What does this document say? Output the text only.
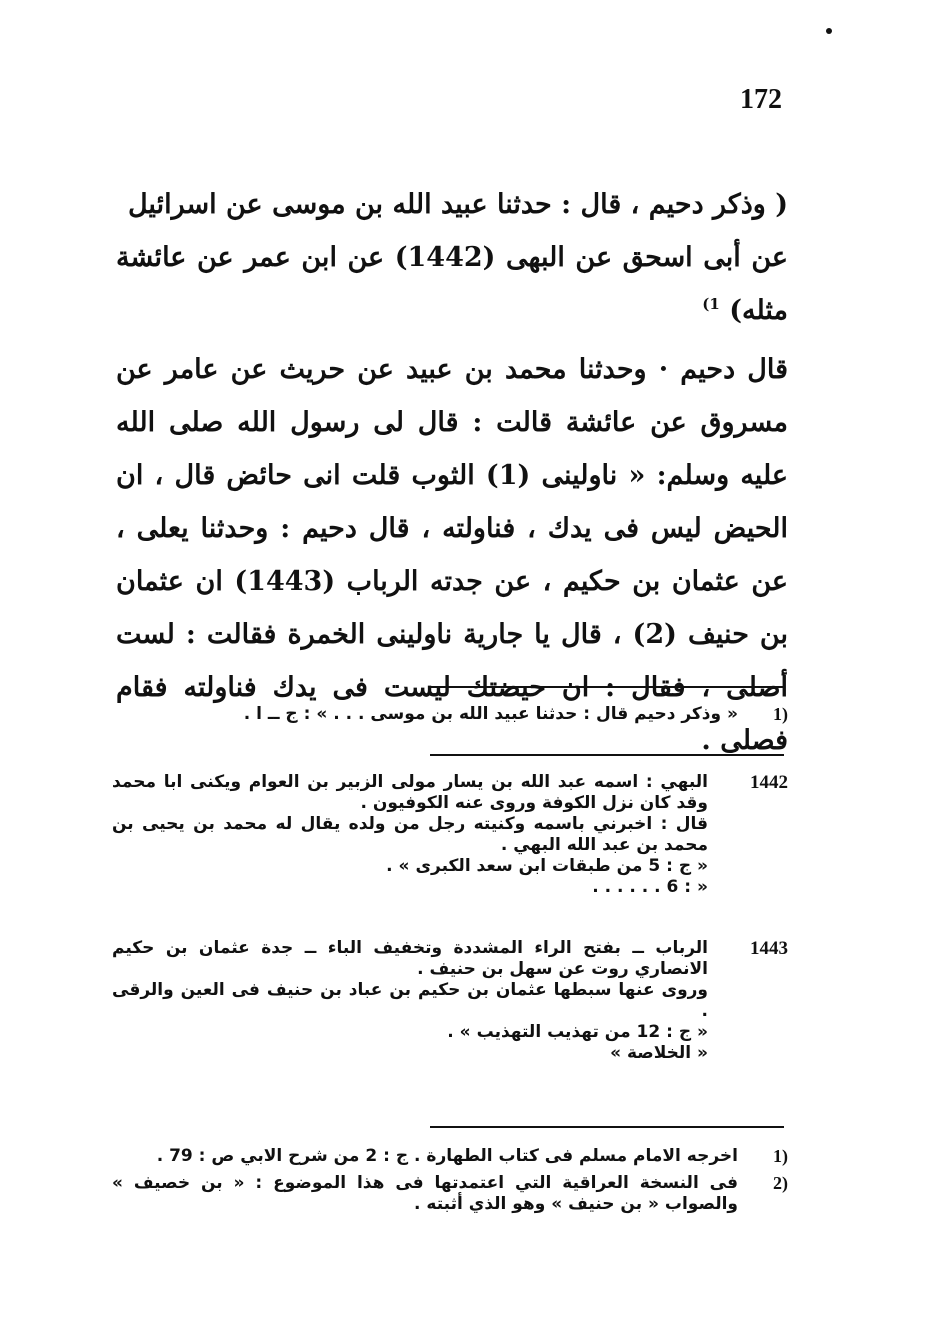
172

( وذكر دحيم ، قال : حدثنا عبيد الله بن موسى عن اسرائيل
عن أبى اسحق عن البهى (1442) عن ابن عمر عن عائشة مثله) $^{(1}$

قال دحيم · وحدثنا محمد بن عبيد عن حريث عن عامر عن مسروق عن عائشة قالت : قال لى رسول الله صلى الله عليه وسلم: « ناولينى (1) الثوب قلت انى حائض قال ، ان الحيض ليس فى يدك ، فناولته ، قال دحيم : وحدثنا يعلى ، عن عثمان بن حكيم ، عن جدته الرباب (1443) ان عثمان بن حنيف (2) ، قال يا جارية ناولينى الخمرة فقالت : لست أصلى ، فقال : ان حيضتك ليست فى يدك فناولته فقام فصلى .

1)
« وذكر دحيم قال : حدثنا عبيد الله بن موسى . . . » : ج ــ ا .
1442
البهي : اسمه عبد الله بن يسار مولى الزبير بن العوام ويكنى ابا محمد وقد كان نزل الكوفة وروى عنه الكوفيون .
قال : اخبرني باسمه وكنيته رجل من ولده يقال له محمد بن يحيى بن محمد بن عبد الله البهي .
« ج : 5 من طبقات ابن سعد الكبرى » .
« : 6 . . . . . .
1443
الرباب ــ بفتح الراء المشددة وتخفيف الباء ــ جدة عثمان بن حكيم الانصاري روت عن سهل بن حنيف .
وروى عنها سبطها عثمان بن حكيم بن عباد بن حنيف فى العين والرقى .
« ج : 12 من تهذيب التهذيب » .
« الخلاصة »
1)
اخرجه الامام مسلم فى كتاب الطهارة . ج : 2 من شرح الابي ص : 79 .
2)
فى النسخة العراقية التي اعتمدتها فى هذا الموضوع : « بن خصيف » والصواب « بن حنيف » وهو الذي أثبته .
